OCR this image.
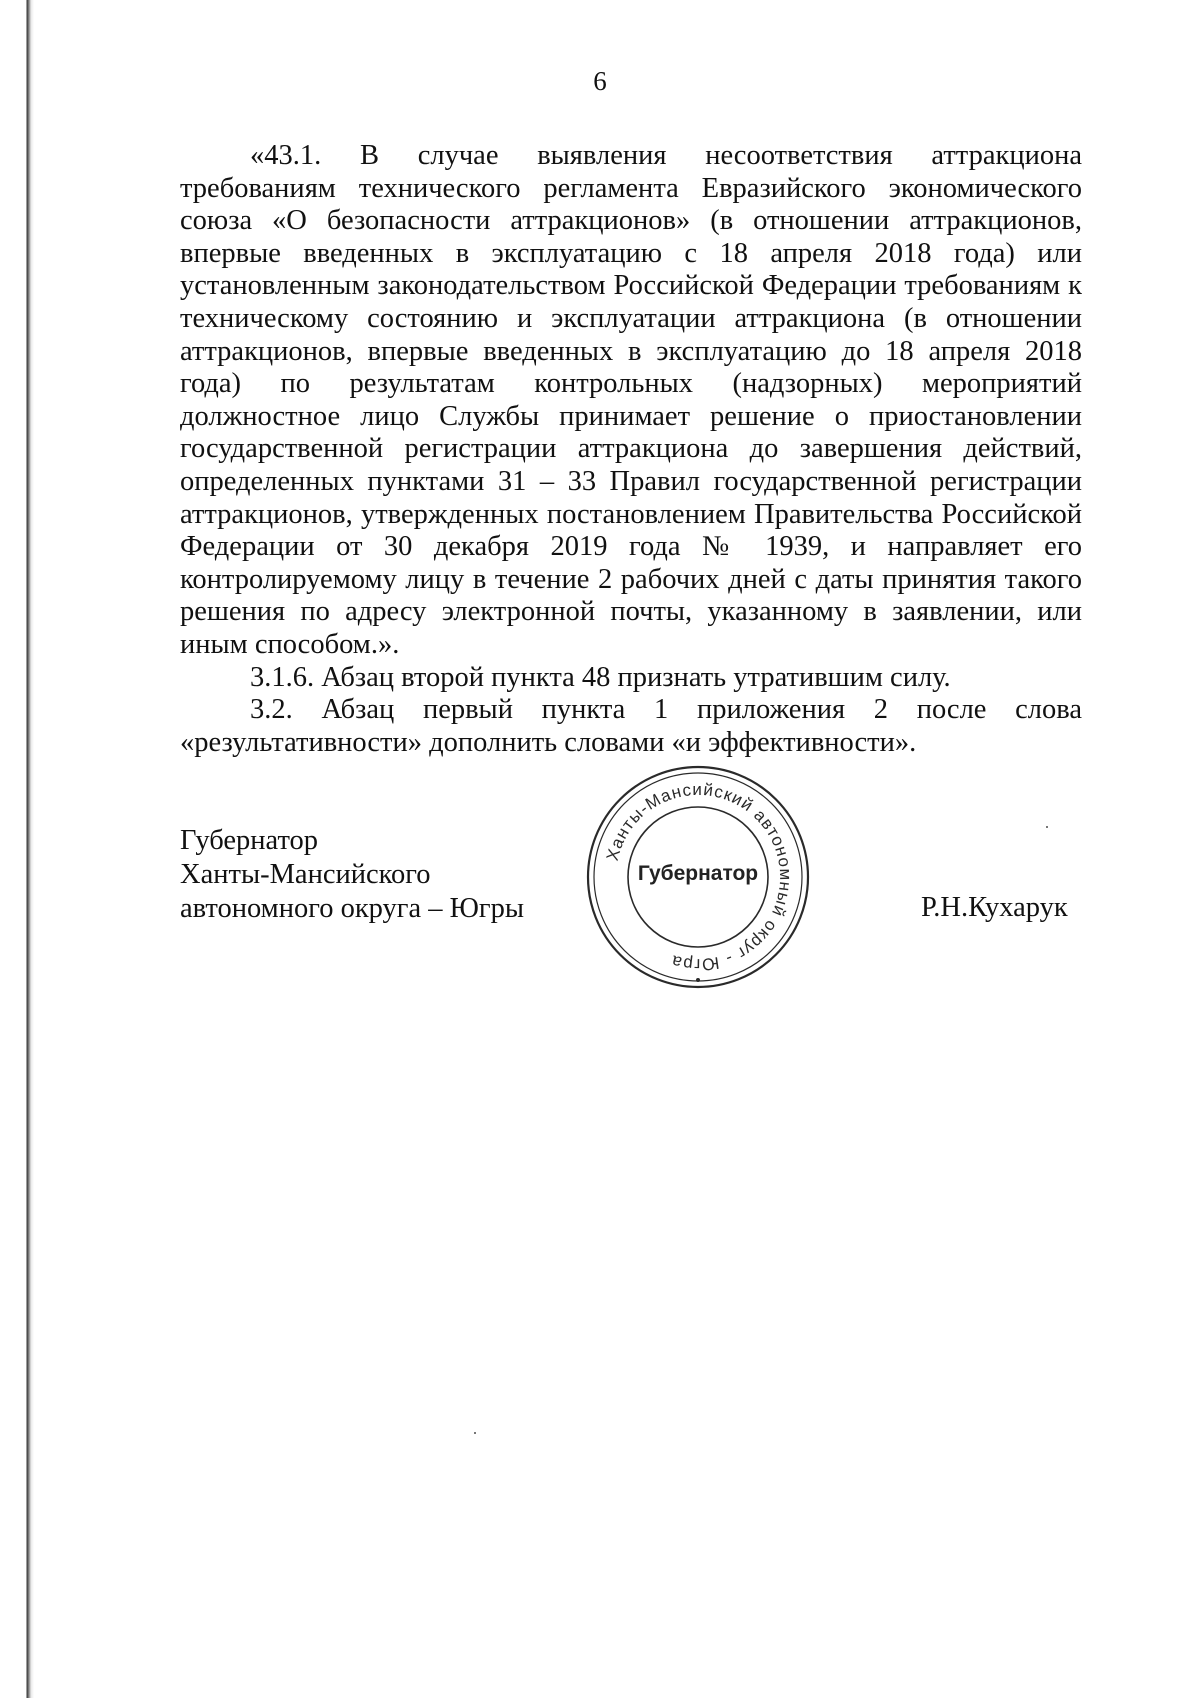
6

«43.1. В случае выявления несоответствия аттракциона требованиям технического регламента Евразийского экономического союза «О безопасности аттракционов» (в отношении аттракционов, впервые введенных в эксплуатацию с 18 апреля 2018 года) или установленным законодательством Российской Федерации требованиям к техническому состоянию и эксплуатации аттракциона (в отношении аттракционов, впервые введенных в эксплуатацию до 18 апреля 2018 года) по результатам контрольных (надзорных) мероприятий должностное лицо Службы принимает решение о приостановлении государственной регистрации аттракциона до завершения действий, определенных пунктами 31 – 33 Правил государственной регистрации аттракционов, утвержденных постановлением Правительства Российской Федерации от 30 декабря 2019 года № 1939, и направляет его контролируемому лицу в течение 2 рабочих дней с даты принятия такого решения по адресу электронной почты, указанному в заявлении, или иным способом.».

3.1.6. Абзац второй пункта 48 признать утратившим силу.

3.2. Абзац первый пункта 1 приложения 2 после слова «результативности» дополнить словами «и эффективности».

Губернатор
Ханты-Мансийского
автономного округа – Югры
Ханты-Мансийский автономный округ - Югра
Губернатор
Р.Н.Кухарук
